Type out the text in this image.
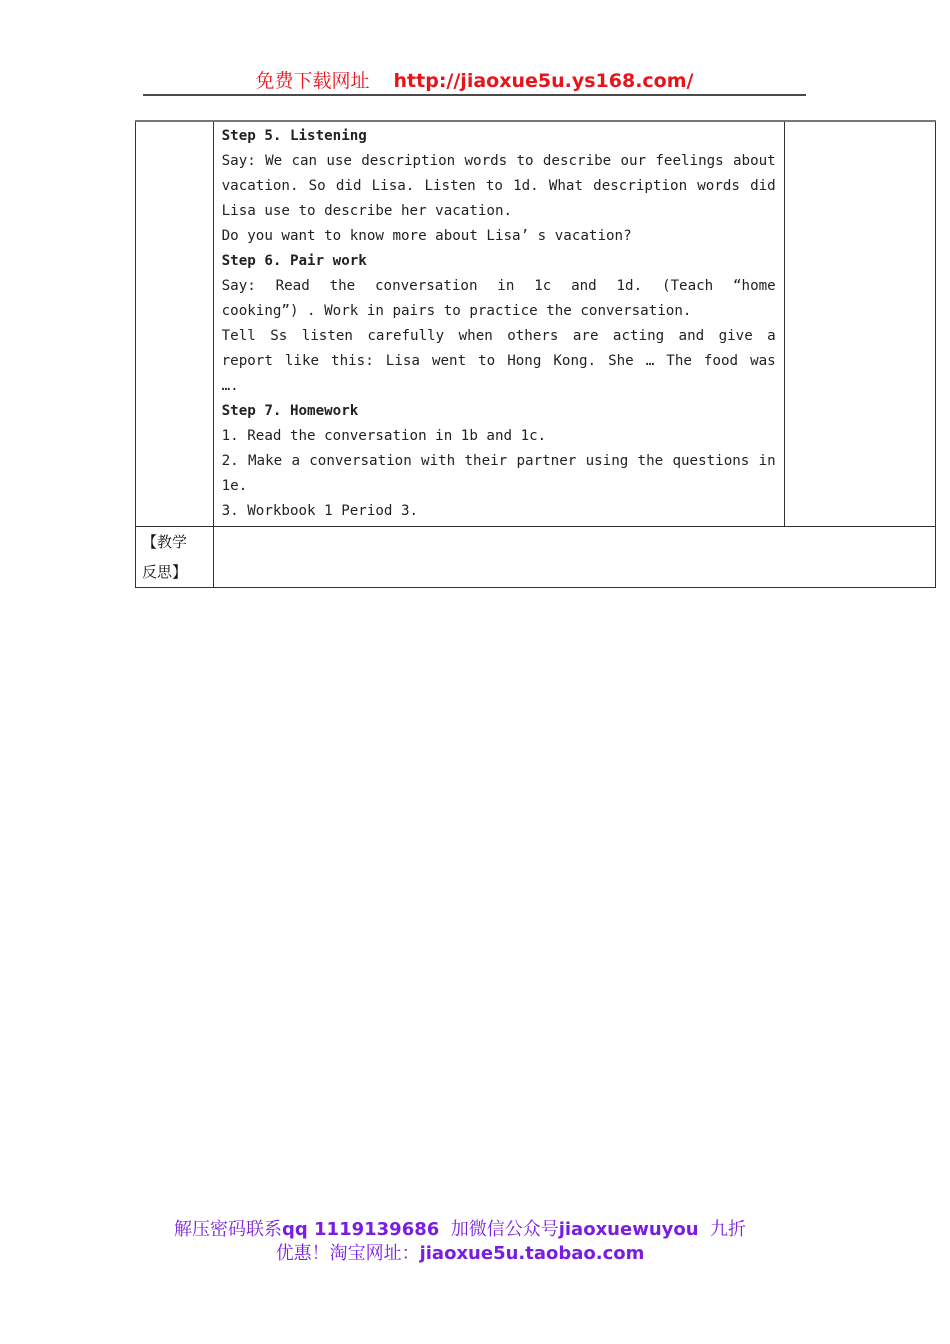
免费下载网址 http://jiaoxue5u.ys168.com/

Step 5. Listening
Say: We can use description words to describe our feelings about
vacation. So did Lisa. Listen to 1d. What description words did
Lisa use to describe her vacation.
Do you want to know more about Lisa’ s vacation?
Step 6. Pair work
Say: Read the conversation in 1c and 1d. (Teach “home
cooking”) . Work in pairs to practice the conversation.
Tell Ss listen carefully when others are acting and give a
report like this: Lisa went to Hong Kong. She … The food was
….
Step 7. Homework
1. Read the conversation in 1b and 1c.
2. Make a conversation with their partner using the questions in
1e.
3. Workbook 1 Period 3.

【教学
反思】		

解压密码联系qq 1119139686 加微信公众号jiaoxuewuyou 九折
优惠！淘宝网址：jiaoxue5u.taobao.com
